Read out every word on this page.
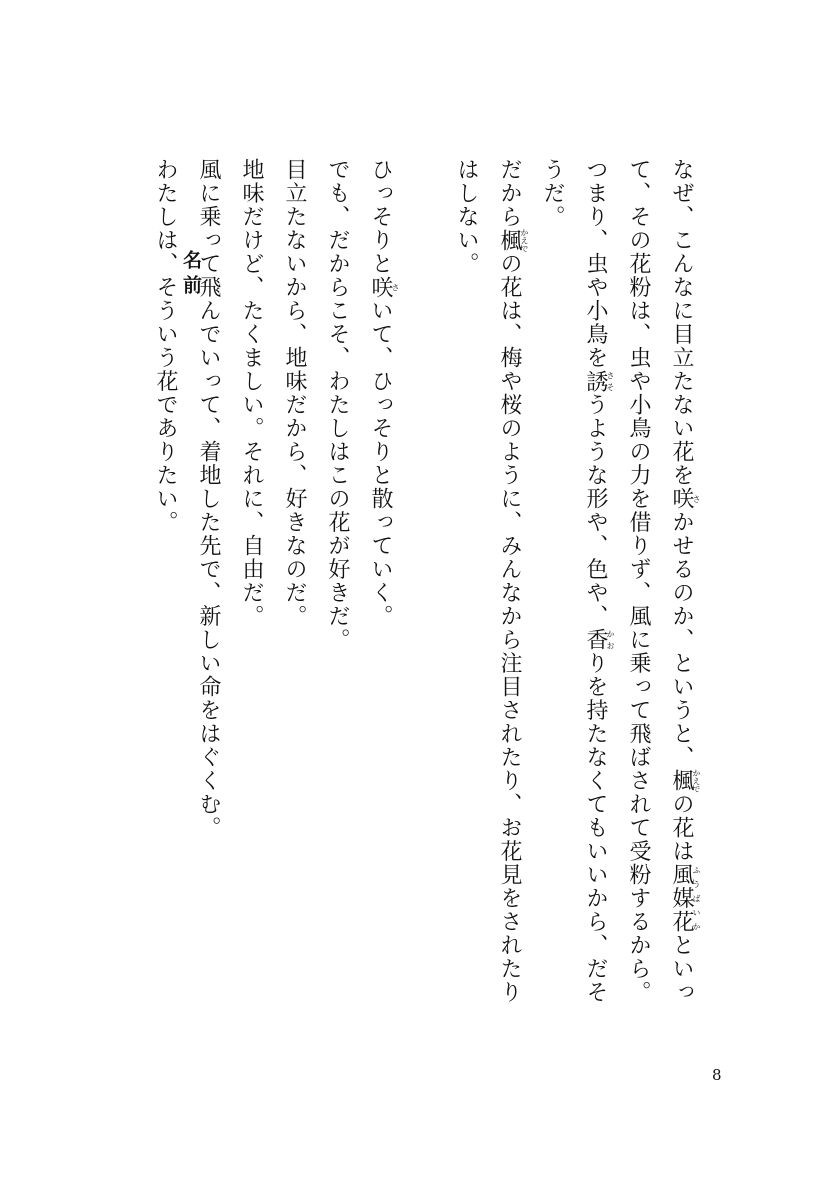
なぜ、こんなに目立たない花を咲さかせるのか、というと、楓かえでの花は風媒花ふうばいかといって、その花粉は、虫や小鳥の力を借りず、風に乗って飛ばされて受粉するから。つまり、虫や小鳥を誘さそうような形や、色や、香かおりを持たなくてもいいから、だそうだ。

だから楓かえでの花は、梅や桜のように、みんなから注目されたり、お花見をされたりはしない。

ひっそりと咲さいて、ひっそりと散っていく。

でも、だからこそ、わたしはこの花が好きだ。

目立たないから、地味だから、好きなのだ。

地味だけど、たくましい。それに、自由だ。

風に乗って飛んでいって、着地した先で、新しい命をはぐくむ。

わたしは、そういう花でありたい。 名前
8
